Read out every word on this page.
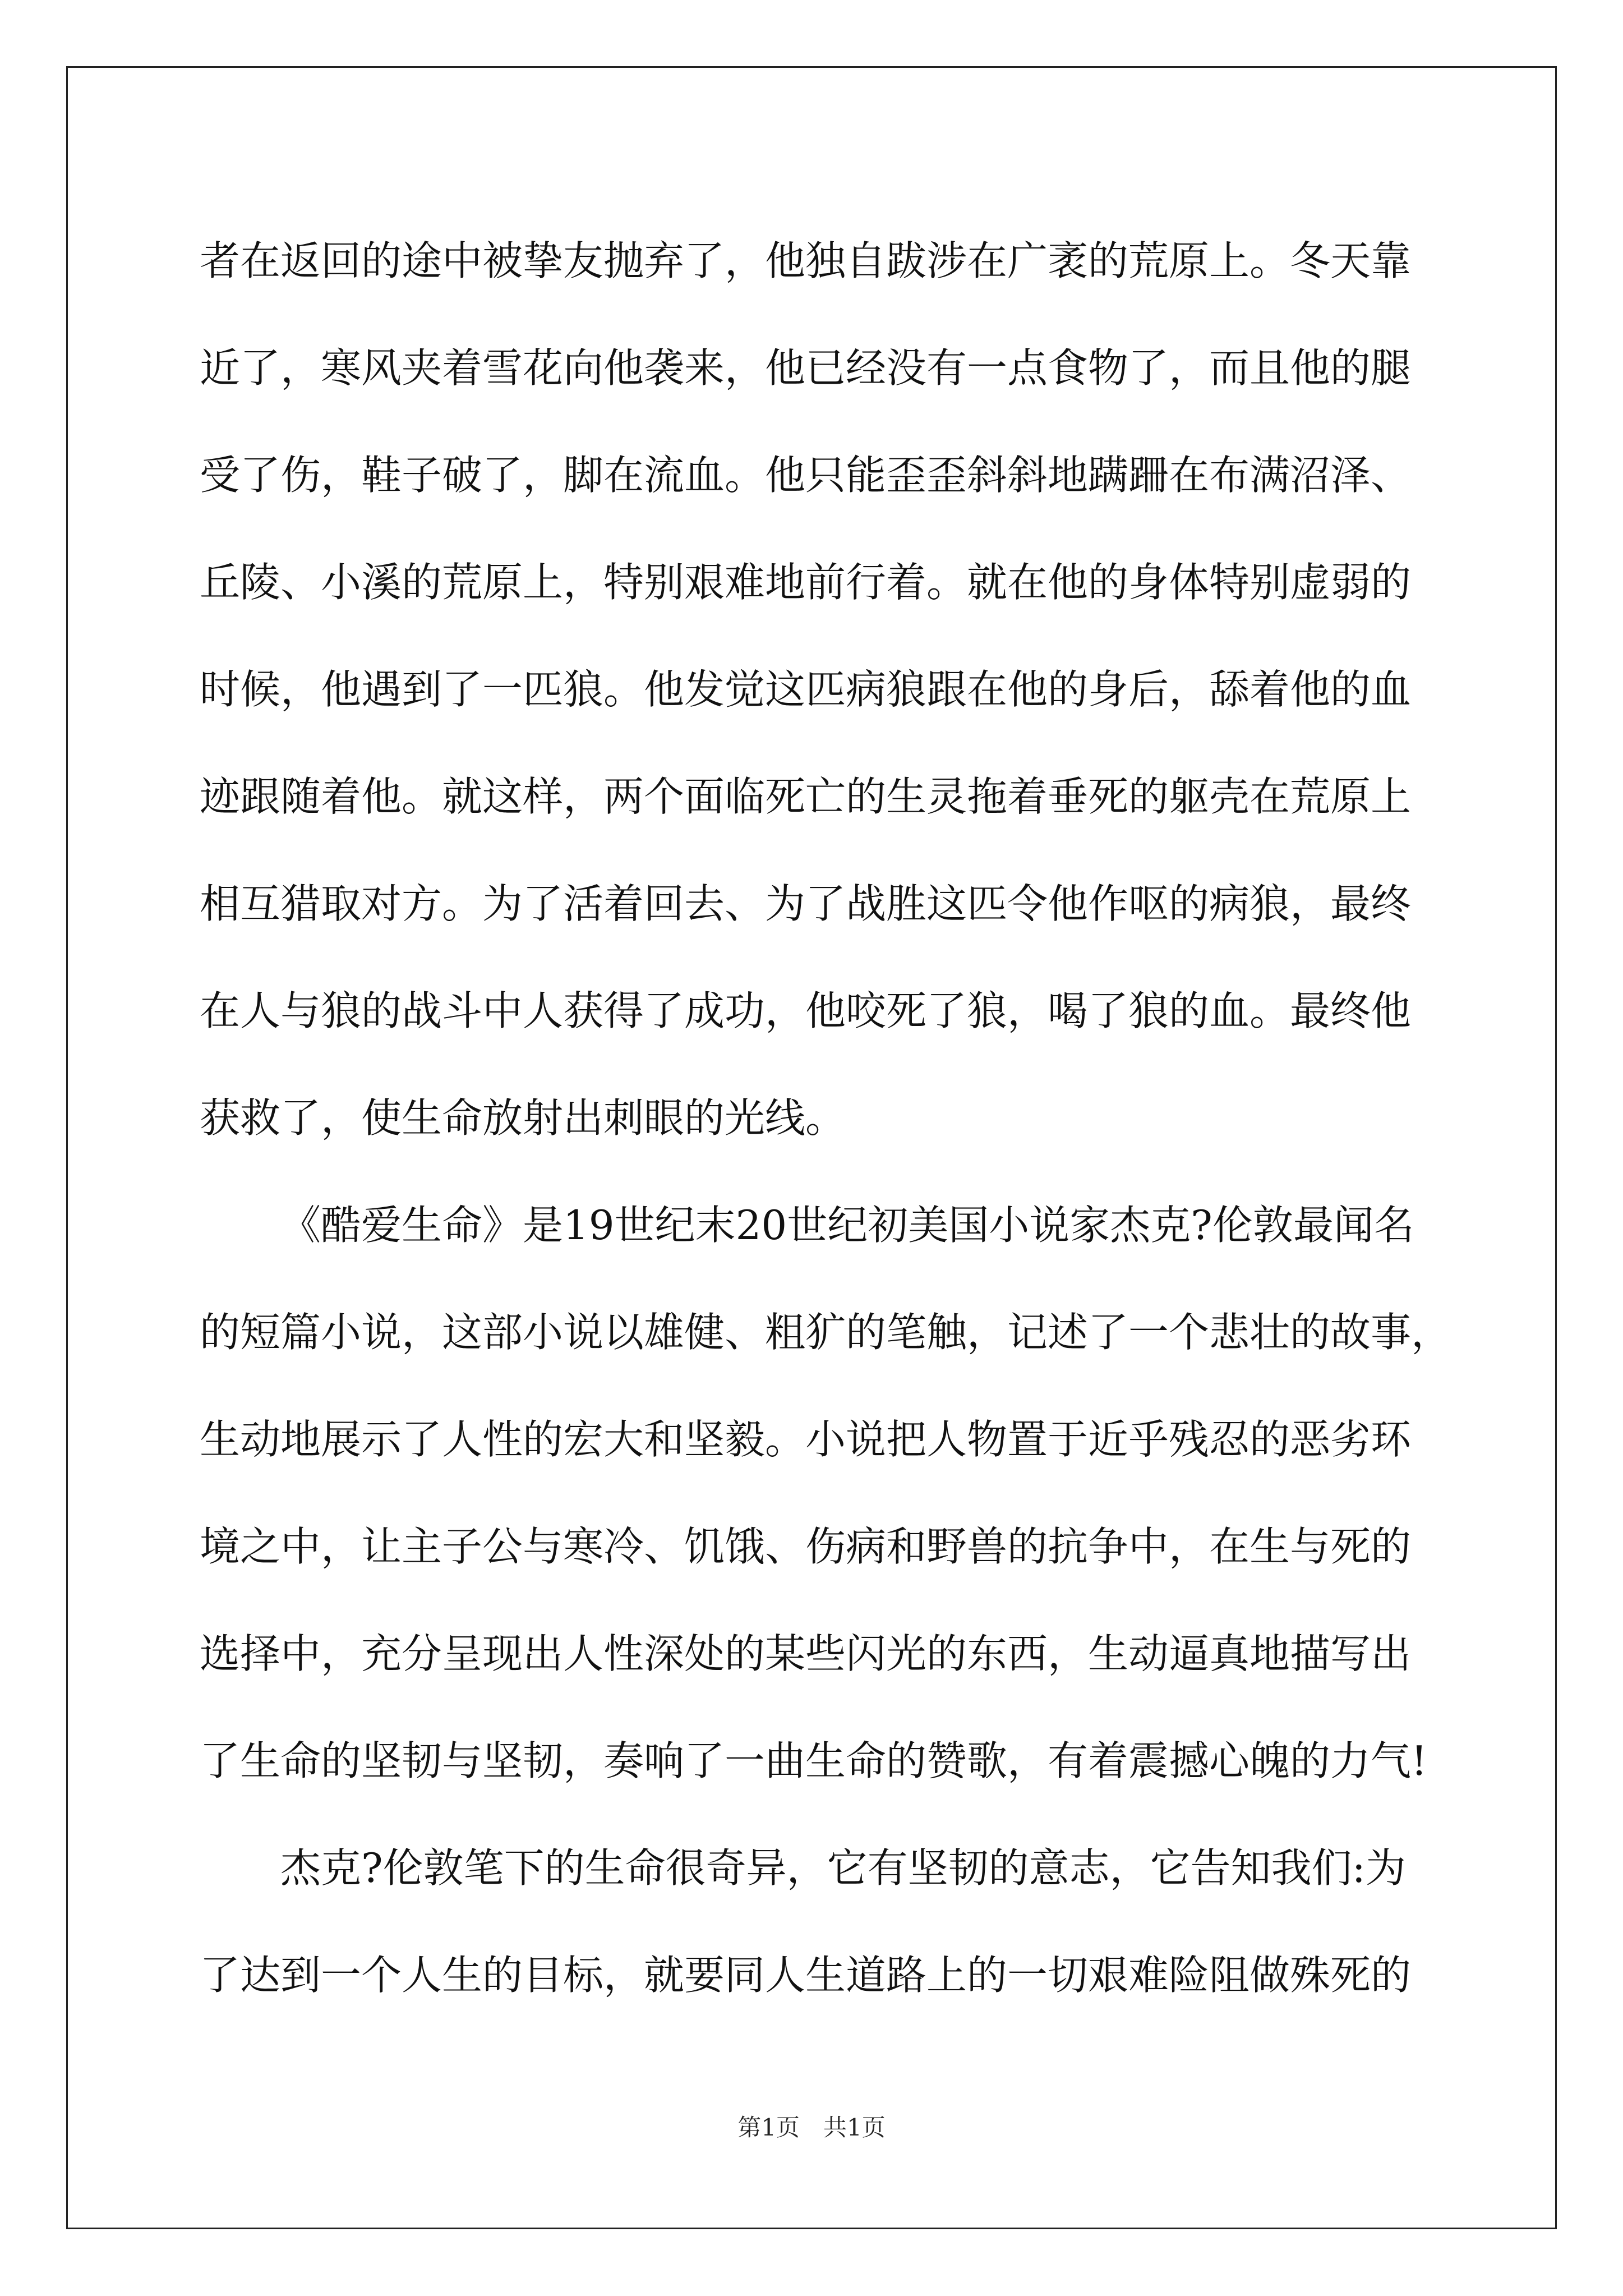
者在返回的途中被挚友抛弃了，他独自跋涉在广袤的荒原上。冬天靠
近了，寒风夹着雪花向他袭来，他已经没有一点食物了，而且他的腿
受了伤，鞋子破了，脚在流血。他只能歪歪斜斜地蹒跚在布满沼泽、
丘陵、小溪的荒原上，特别艰难地前行着。就在他的身体特别虚弱的
时候，他遇到了一匹狼。他发觉这匹病狼跟在他的身后，舔着他的血
迹跟随着他。就这样，两个面临死亡的生灵拖着垂死的躯壳在荒原上
相互猎取对方。为了活着回去、为了战胜这匹令他作呕的病狼，最终
在人与狼的战斗中人获得了成功，他咬死了狼，喝了狼的血。最终他
获救了，使生命放射出刺眼的光线。
《酷爱生命》是19世纪末20世纪初美国小说家杰克?伦敦最闻名
的短篇小说，这部小说以雄健、粗犷的笔触，记述了一个悲壮的故事，
生动地展示了人性的宏大和坚毅。小说把人物置于近乎残忍的恶劣环
境之中，让主子公与寒冷、饥饿、伤病和野兽的抗争中，在生与死的
选择中，充分呈现出人性深处的某些闪光的东西，生动逼真地描写出
了生命的坚韧与坚韧，奏响了一曲生命的赞歌，有着震撼心魄的力气!
杰克?伦敦笔下的生命很奇异，它有坚韧的意志，它告知我们:为
了达到一个人生的目标，就要同人生道路上的一切艰难险阻做殊死的
第1页　共1页
